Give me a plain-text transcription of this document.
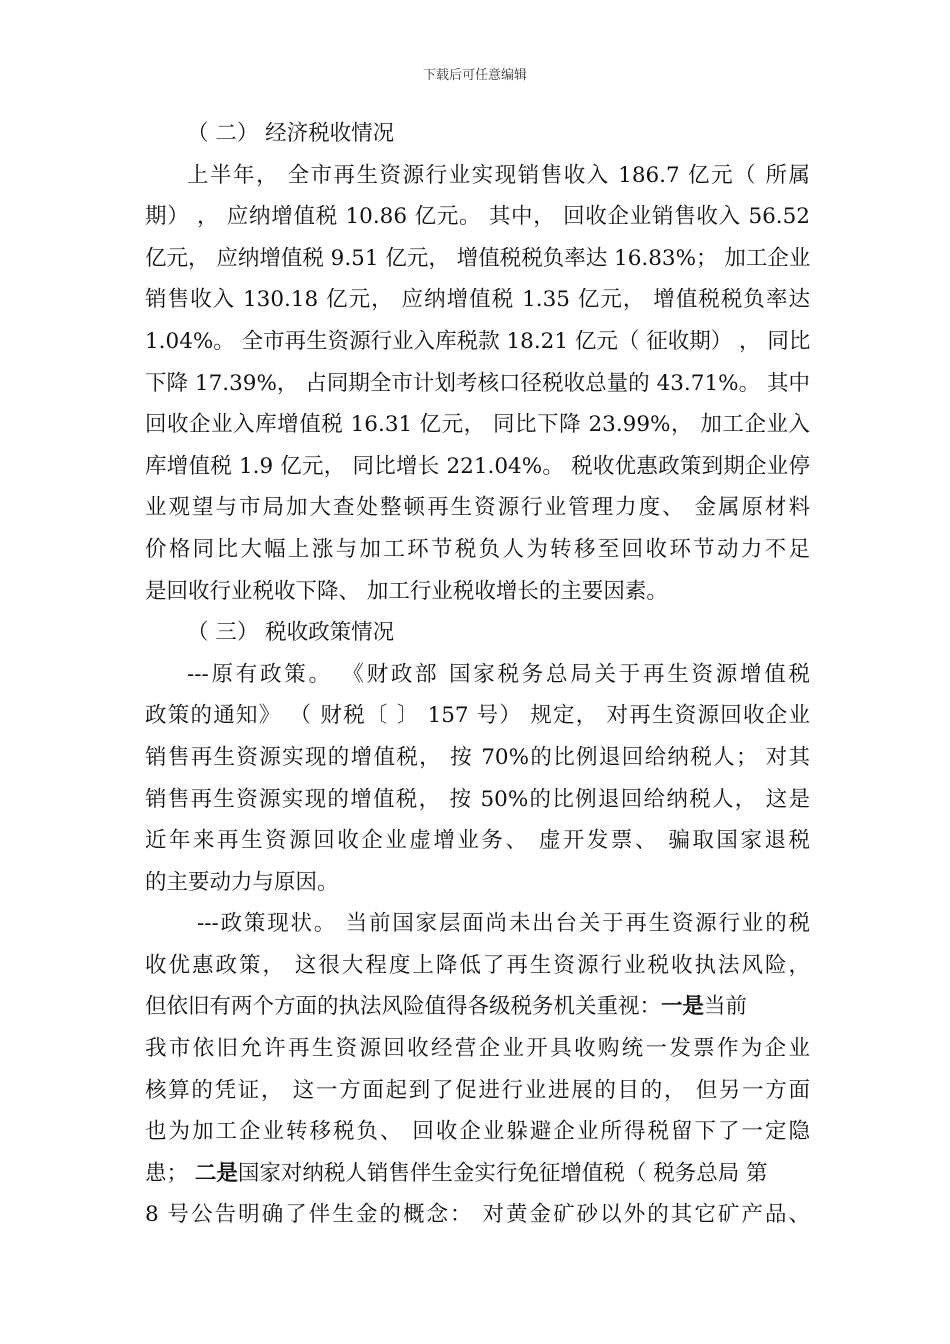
下载后可任意编辑
（ 二） 经济税收情况
上半年， 全市再生资源行业实现销售收入 186.7 亿元（ 所属
期） ， 应纳增值税 10.86 亿元。 其中， 回收企业销售收入 56.52
亿元， 应纳增值税 9.51 亿元， 增值税税负率达 16.83%； 加工企业
销售收入 130.18 亿元， 应纳增值税 1.35 亿元， 增值税税负率达
1.04%。 全市再生资源行业入库税款 18.21 亿元（ 征收期） ， 同比
下降 17.39%， 占同期全市计划考核口径税收总量的 43.71%。 其中
回收企业入库增值税 16.31 亿元， 同比下降 23.99%， 加工企业入
库增值税 1.9 亿元， 同比增长 221.04%。 税收优惠政策到期企业停
业观望与市局加大查处整顿再生资源行业管理力度、 金属原材料
价格同比大幅上涨与加工环节税负人为转移至回收环节动力不足
是回收行业税收下降、 加工行业税收增长的主要因素。
（ 三） 税收政策情况
---原有政策。 《财政部 国家税务总局关于再生资源增值税
政策的通知》 （ 财税〔 〕 157 号） 规定， 对再生资源回收企业
销售再生资源实现的增值税， 按 70%的比例退回给纳税人； 对其
销售再生资源实现的增值税， 按 50%的比例退回给纳税人， 这是
近年来再生资源回收企业虚增业务、 虚开发票、 骗取国家退税
的主要动力与原因。
---政策现状。 当前国家层面尚未出台关于再生资源行业的税
收优惠政策， 这很大程度上降低了再生资源行业税收执法风险，
但依旧有两个方面的执法风险值得各级税务机关重视：一是当前
我市依旧允许再生资源回收经营企业开具收购统一发票作为企业
核算的凭证， 这一方面起到了促进行业进展的目的， 但另一方面
也为加工企业转移税负、 回收企业躲避企业所得税留下了一定隐
患； 二是国家对纳税人销售伴生金实行免征增值税（ 税务总局 第
8 号公告明确了伴生金的概念： 对黄金矿砂以外的其它矿产品、
